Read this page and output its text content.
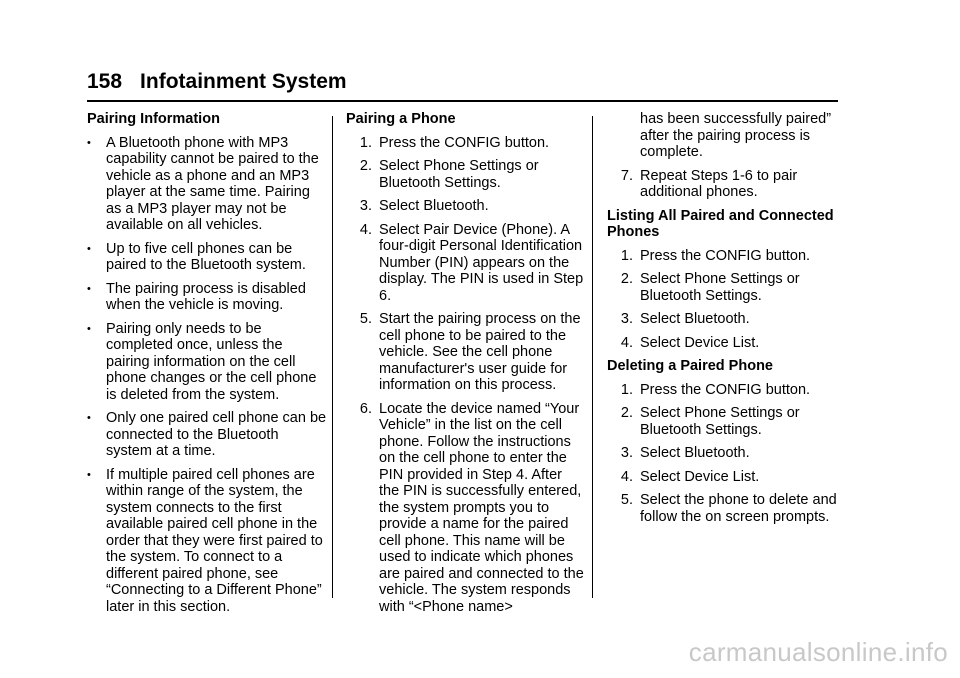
158 Infotainment System
Pairing Information
•
A Bluetooth phone with MP3 capability cannot be paired to the vehicle as a phone and an MP3 player at the same time. Pairing as a MP3 player may not be available on all vehicles.
•
Up to five cell phones can be paired to the Bluetooth system.
•
The pairing process is disabled when the vehicle is moving.
•
Pairing only needs to be completed once, unless the pairing information on the cell phone changes or the cell phone is deleted from the system.
•
Only one paired cell phone can be connected to the Bluetooth system at a time.
•
If multiple paired cell phones are within range of the system, the system connects to the first available paired cell phone in the order that they were first paired to the system. To connect to a different paired phone, see “Connecting to a Different Phone” later in this section.
Pairing a Phone
1. Press the CONFIG button.
2. Select Phone Settings or Bluetooth Settings.
3. Select Bluetooth.
4. Select Pair Device (Phone). A four-digit Personal Identification Number (PIN) appears on the display. The PIN is used in Step 6.
5. Start the pairing process on the cell phone to be paired to the vehicle. See the cell phone manufacturer's user guide for information on this process.
6. Locate the device named “Your Vehicle” in the list on the cell phone. Follow the instructions on the cell phone to enter the PIN provided in Step 4. After the PIN is successfully entered, the system prompts you to provide a name for the paired cell phone. This name will be used to indicate which phones are paired and connected to the vehicle. The system responds with “<Phone name>
has been successfully paired” after the pairing process is complete.
7. Repeat Steps 1-6 to pair additional phones.
Listing All Paired and Connected Phones
1. Press the CONFIG button.
2. Select Phone Settings or Bluetooth Settings.
3. Select Bluetooth.
4. Select Device List.
Deleting a Paired Phone
1. Press the CONFIG button.
2. Select Phone Settings or Bluetooth Settings.
3. Select Bluetooth.
4. Select Device List.
5. Select the phone to delete and follow the on screen prompts.
carmanualsonline.info
